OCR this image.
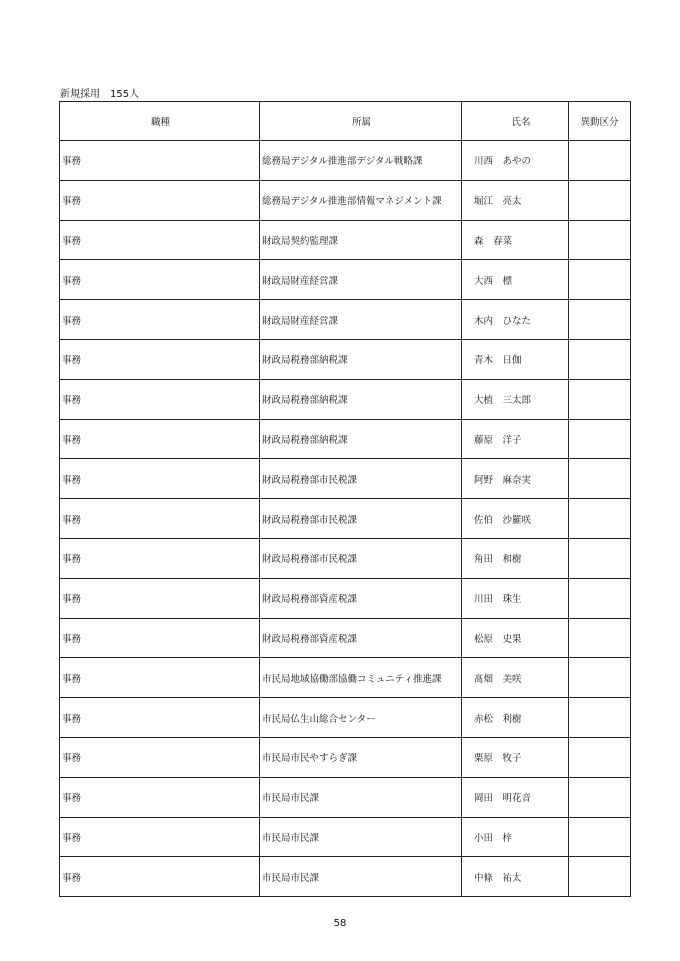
新規採用　155人
職種	所属	氏名	異動区分
事務	総務局デジタル推進部デジタル戦略課	川西　あやの	
事務	総務局デジタル推進部情報マネジメント課	堀江　亮太	
事務	財政局契約監理課	森　春菜	
事務	財政局財産経営課	大西　標	
事務	財政局財産経営課	木内　ひなた	
事務	財政局税務部納税課	青木　日伽	
事務	財政局税務部納税課	大植　三太郎	
事務	財政局税務部納税課	藤原　洋子	
事務	財政局税務部市民税課	阿野　麻奈実	
事務	財政局税務部市民税課	佐伯　沙羅咲	
事務	財政局税務部市民税課	角田　和樹	
事務	財政局税務部資産税課	川田　珠生	
事務	財政局税務部資産税課	松原　史果	
事務	市民局地域協働部協働コミュニティ推進課	髙畑　美咲	
事務	市民局仏生山総合センター	赤松　利樹	
事務	市民局市民やすらぎ課	栗原　牧子	
事務	市民局市民課	岡田　明花音	
事務	市民局市民課	小田　梓	
事務	市民局市民課	中條　祐太	
58
